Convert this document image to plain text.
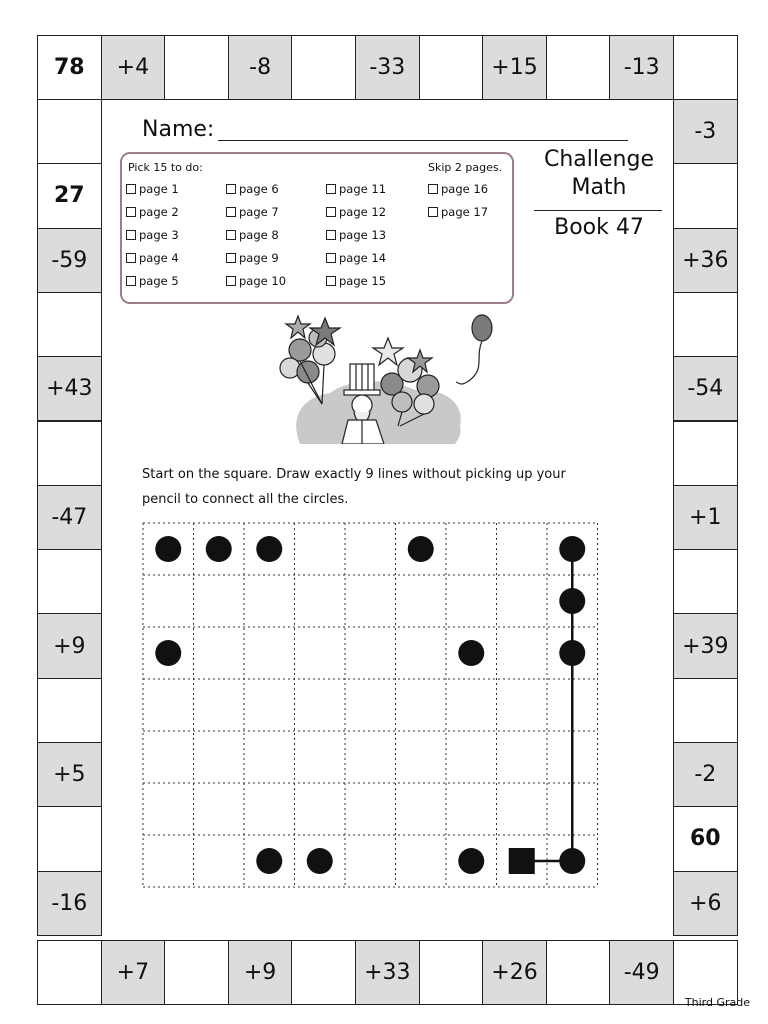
78	+4	-8	-33	+15	-13
+7	+9	+33	+26	-49
27
-59
+43
-47
+9
+5
-16
-3
+36
-54
+1
+39
-2
60
+6
Name:
Pick 15 to do:	Skip 2 pages.
page 1
page 2
page 3
page 4
page 5
page 6
page 7
page 8
page 9
page 10
page 11
page 12
page 13
page 14
page 15
page 16
page 17
Challenge
Math
Book 47
Start on the square. Draw exactly 9 lines without picking up your
pencil to connect all the circles.
Third Grade
